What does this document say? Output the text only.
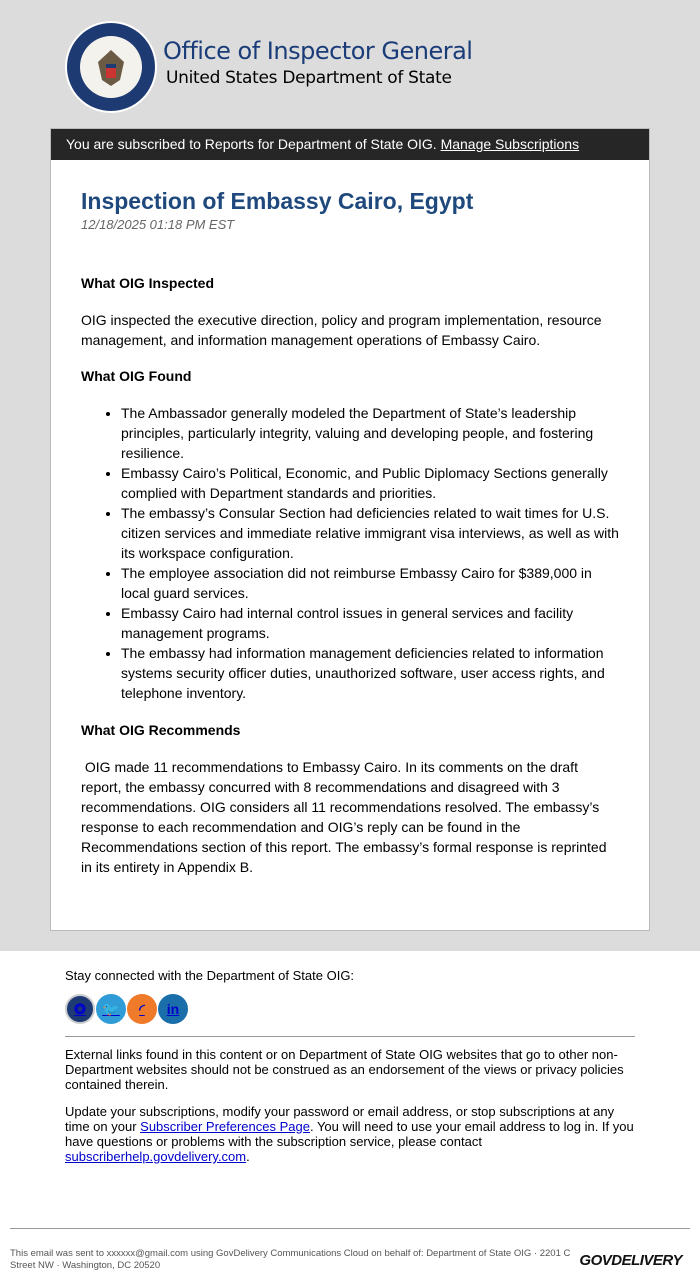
Office of Inspector General
United States Department of State
You are subscribed to Reports for Department of State OIG. Manage Subscriptions
Inspection of Embassy Cairo, Egypt
12/18/2025 01:18 PM EST
What OIG Inspected

OIG inspected the executive direction, policy and program implementation, resource management, and information management operations of Embassy Cairo.

What OIG Found
• The Ambassador generally modeled the Department of State’s leadership principles, particularly integrity, valuing and developing people, and fostering resilience.
• Embassy Cairo’s Political, Economic, and Public Diplomacy Sections generally complied with Department standards and priorities.
• The embassy’s Consular Section had deficiencies related to wait times for U.S. citizen services and immediate relative immigrant visa interviews, as well as with its workspace configuration.
• The employee association did not reimburse Embassy Cairo for $389,000 in local guard services.
• Embassy Cairo had internal control issues in general services and facility management programs.
• The embassy had information management deficiencies related to information systems security officer duties, unauthorized software, user access rights, and telephone inventory.
What OIG Recommends

OIG made 11 recommendations to Embassy Cairo. In its comments on the draft report, the embassy concurred with 8 recommendations and disagreed with 3 recommendations. OIG considers all 11 recommendations resolved. The embassy’s response to each recommendation and OIG’s reply can be found in the Recommendations section of this report. The embassy’s formal response is reprinted in its entirety in Appendix B.

Stay connected with the Department of State OIG:
✪	🐦	◜	in

External links found in this content or on Department of State OIG websites that go to other non-Department websites should not be construed as an endorsement of the views or privacy policies contained therein.

Update your subscriptions, modify your password or email address, or stop subscriptions at any time on your Subscriber Preferences Page. You will need to use your email address to log in. If you have questions or problems with the subscription service, please contact subscriberhelp.govdelivery.com.

This email was sent to xxxxxx@gmail.com using GovDelivery Communications Cloud on behalf of: Department of State OIG · 2201 C Street NW · Washington, DC 20520	GOVDELIVERY
